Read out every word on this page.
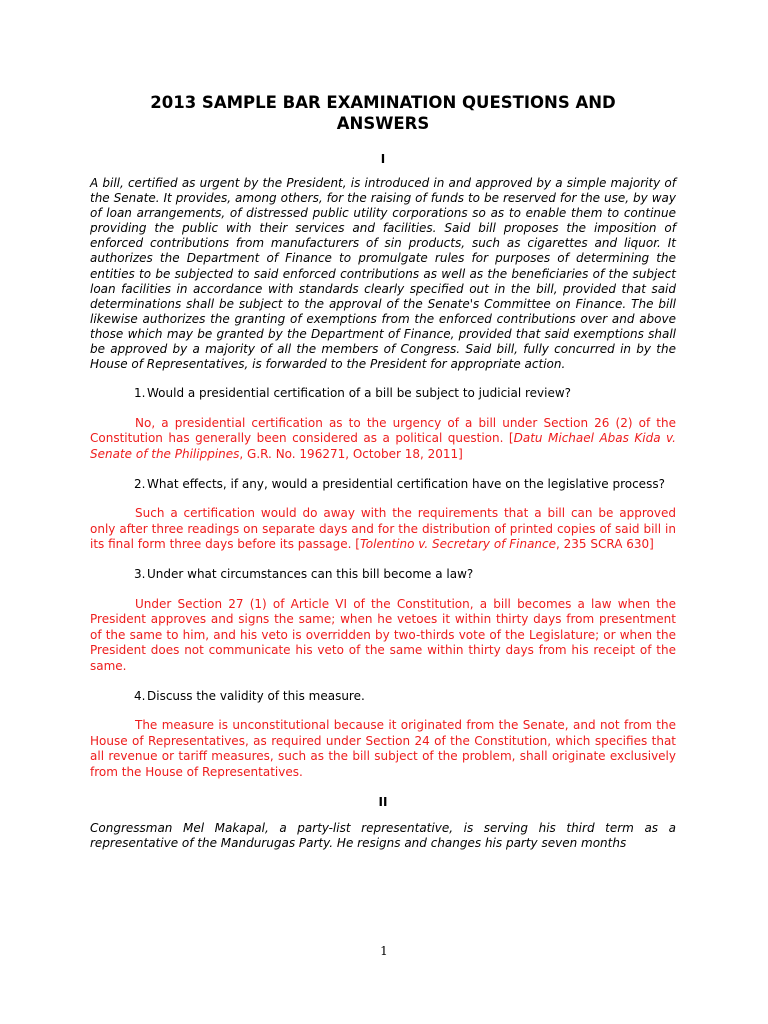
2013 SAMPLE BAR EXAMINATION QUESTIONS AND ANSWERS
I

A bill, certified as urgent by the President, is introduced in and approved by a simple majority of the Senate. It provides, among others, for the raising of funds to be reserved for the use, by way of loan arrangements, of distressed public utility corporations so as to enable them to continue providing the public with their services and facilities. Said bill proposes the imposition of enforced contributions from manufacturers of sin products, such as cigarettes and liquor. It authorizes the Department of Finance to promulgate rules for purposes of determining the entities to be subjected to said enforced contributions as well as the beneficiaries of the subject loan facilities in accordance with standards clearly specified out in the bill, provided that said determinations shall be subject to the approval of the Senate's Committee on Finance. The bill likewise authorizes the granting of exemptions from the enforced contributions over and above those which may be granted by the Department of Finance, provided that said exemptions shall be approved by a majority of all the members of Congress. Said bill, fully concurred in by the House of Representatives, is forwarded to the President for appropriate action.

1. Would a presidential certification of a bill be subject to judicial review?

No, a presidential certification as to the urgency of a bill under Section 26 (2) of the Constitution has generally been considered as a political question. [Datu Michael Abas Kida v. Senate of the Philippines, G.R. No. 196271, October 18, 2011]

2. What effects, if any, would a presidential certification have on the legislative process?

Such a certification would do away with the requirements that a bill can be approved only after three readings on separate days and for the distribution of printed copies of said bill in its final form three days before its passage. [Tolentino v. Secretary of Finance, 235 SCRA 630]

3. Under what circumstances can this bill become a law?

Under Section 27 (1) of Article VI of the Constitution, a bill becomes a law when the President approves and signs the same; when he vetoes it within thirty days from presentment of the same to him, and his veto is overridden by two-thirds vote of the Legislature; or when the President does not communicate his veto of the same within thirty days from his receipt of the same.

4. Discuss the validity of this measure.

The measure is unconstitutional because it originated from the Senate, and not from the House of Representatives, as required under Section 24 of the Constitution, which specifies that all revenue or tariff measures, such as the bill subject of the problem, shall originate exclusively from the House of Representatives.

II

Congressman Mel Makapal, a party-list representative, is serving his third term as a representative of the Mandurugas Party. He resigns and changes his party seven months

1
